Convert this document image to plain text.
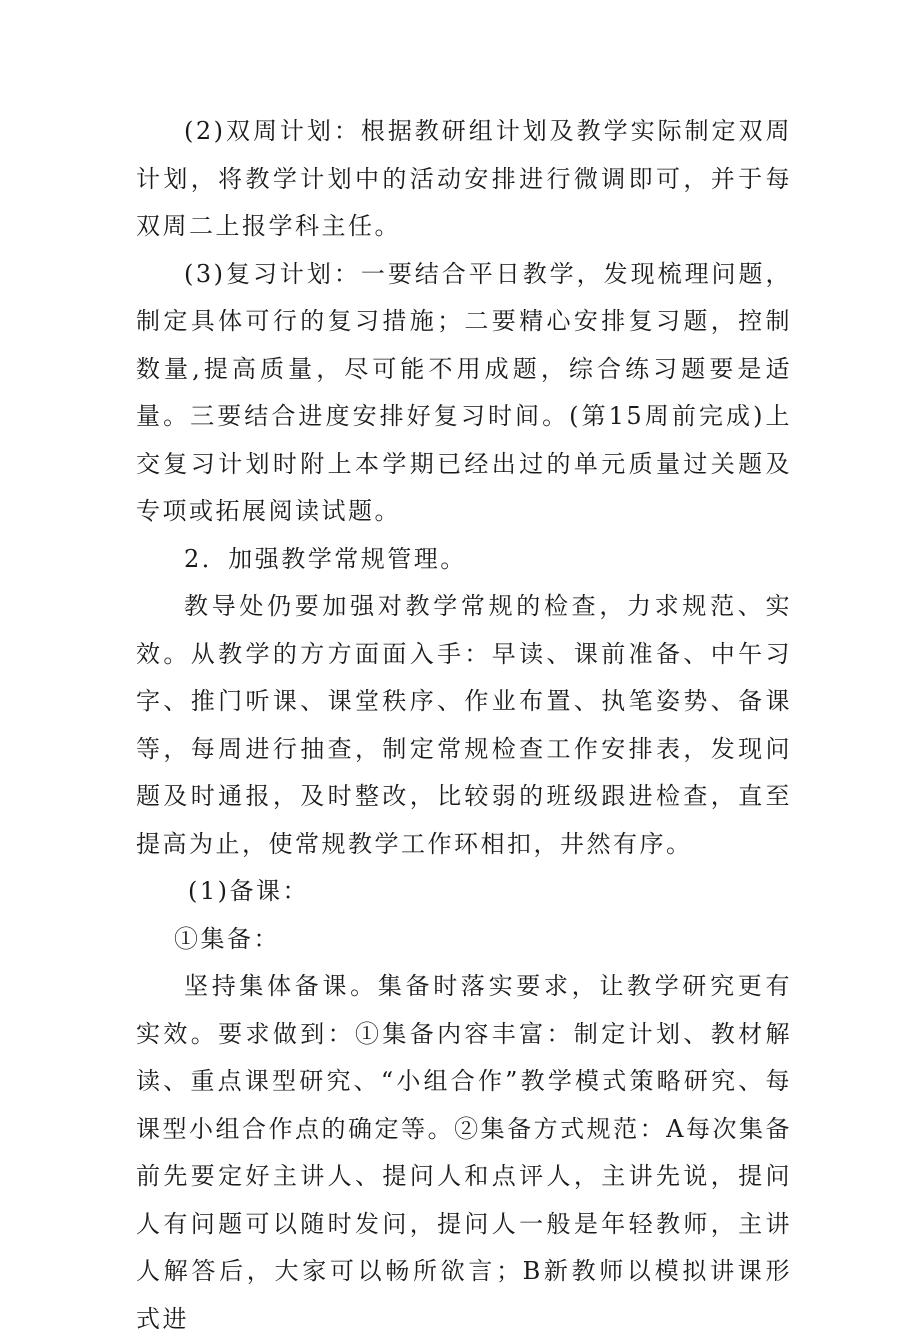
(2)双周计划：根据教研组计划及教学实际制定双周计划，将教学计划中的活动安排进行微调即可，并于每双周二上报学科主任。

(3)复习计划：一要结合平日教学，发现梳理问题，制定具体可行的复习措施；二要精心安排复习题，控制数量,提高质量，尽可能不用成题，综合练习题要是适量。三要结合进度安排好复习时间。(第15周前完成)上交复习计划时附上本学期已经出过的单元质量过关题及专项或拓展阅读试题。

2．加强教学常规管理。

教导处仍要加强对教学常规的检查，力求规范、实效。从教学的方方面面入手：早读、课前准备、中午习字、推门听课、课堂秩序、作业布置、执笔姿势、备课等，每周进行抽查，制定常规检查工作安排表，发现问题及时通报，及时整改，比较弱的班级跟进检查，直至提高为止，使常规教学工作环相扣，井然有序。

(1)备课：

①集备：

坚持集体备课。集备时落实要求，让教学研究更有实效。要求做到：①集备内容丰富：制定计划、教材解读、重点课型研究、“小组合作”教学模式策略研究、每课型小组合作点的确定等。②集备方式规范：A每次集备前先要定好主讲人、提问人和点评人，主讲先说，提问人有问题可以随时发问，提问人一般是年轻教师，主讲人解答后，大家可以畅所欲言；B新教师以模拟讲课形式进
